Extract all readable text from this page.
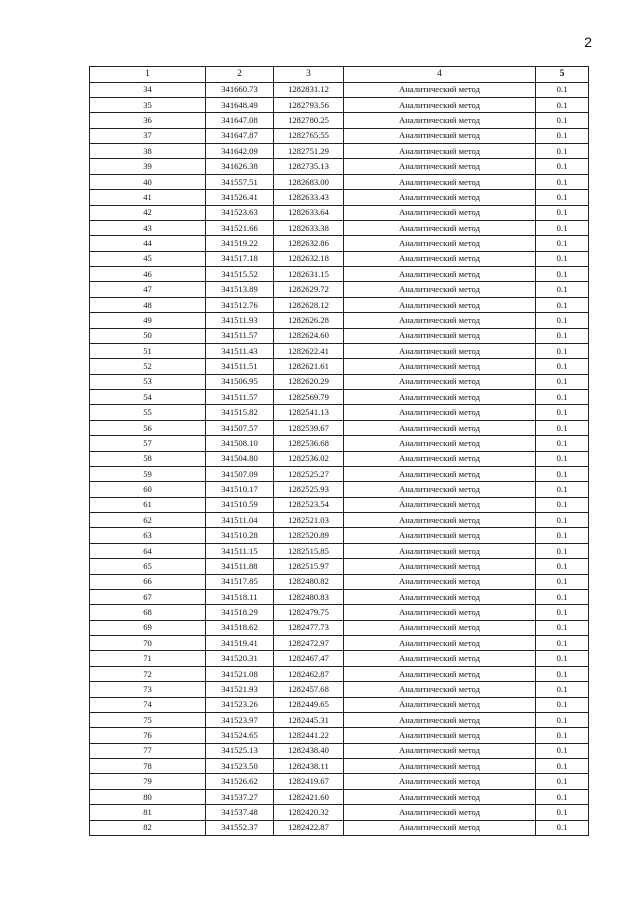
2
1	2	3	4	5
34	341660.73	1282831.12	Аналитический метод	0.1
35	341648.49	1282793.56	Аналитический метод	0.1
36	341647.08	1282780.25	Аналитический метод	0.1
37	341647.87	1282765.55	Аналитический метод	0.1
38	341642.09	1282751.29	Аналитический метод	0.1
39	341626.38	1282735.13	Аналитический метод	0.1
40	341557.51	1282683.00	Аналитический метод	0.1
41	341526.41	1282633.43	Аналитический метод	0.1
42	341523.63	1282633.64	Аналитический метод	0.1
43	341521.66	1282633.38	Аналитический метод	0.1
44	341519.22	1282632.86	Аналитический метод	0.1
45	341517.18	1282632.18	Аналитический метод	0.1
46	341515.52	1282631.15	Аналитический метод	0.1
47	341513.89	1282629.72	Аналитический метод	0.1
48	341512.76	1282628.12	Аналитический метод	0.1
49	341511.93	1282626.28	Аналитический метод	0.1
50	341511.57	1282624.60	Аналитический метод	0.1
51	341511.43	1282622.41	Аналитический метод	0.1
52	341511.51	1282621.61	Аналитический метод	0.1
53	341506.95	1282620.29	Аналитический метод	0.1
54	341511.57	1282569.79	Аналитический метод	0.1
55	341515.82	1282541.13	Аналитический метод	0.1
56	341507.57	1282539.67	Аналитический метод	0.1
57	341508.10	1282536.68	Аналитический метод	0.1
58	341504.80	1282536.02	Аналитический метод	0.1
59	341507.09	1282525.27	Аналитический метод	0.1
60	341510.17	1282525.93	Аналитический метод	0.1
61	341510.59	1282523.54	Аналитический метод	0.1
62	341511.04	1282521.03	Аналитический метод	0.1
63	341510.28	1282520.89	Аналитический метод	0.1
64	341511.15	1282515.85	Аналитический метод	0.1
65	341511.88	1282515.97	Аналитический метод	0.1
66	341517.85	1282480.82	Аналитический метод	0.1
67	341518.11	1282480.83	Аналитический метод	0.1
68	341518.29	1282479.75	Аналитический метод	0.1
69	341518.62	1282477.73	Аналитический метод	0.1
70	341519.41	1282472.97	Аналитический метод	0.1
71	341520.31	1282467.47	Аналитический метод	0.1
72	341521.08	1282462.87	Аналитический метод	0.1
73	341521.93	1282457.68	Аналитический метод	0.1
74	341523.26	1282449.65	Аналитический метод	0.1
75	341523.97	1282445.31	Аналитический метод	0.1
76	341524.65	1282441.22	Аналитический метод	0.1
77	341525.13	1282438.40	Аналитический метод	0.1
78	341523.50	1282438.11	Аналитический метод	0.1
79	341526.62	1282419.67	Аналитический метод	0.1
80	341537.27	1282421.60	Аналитический метод	0.1
81	341537.48	1282420.32	Аналитический метод	0.1
82	341552.37	1282422.87	Аналитический метод	0.1
